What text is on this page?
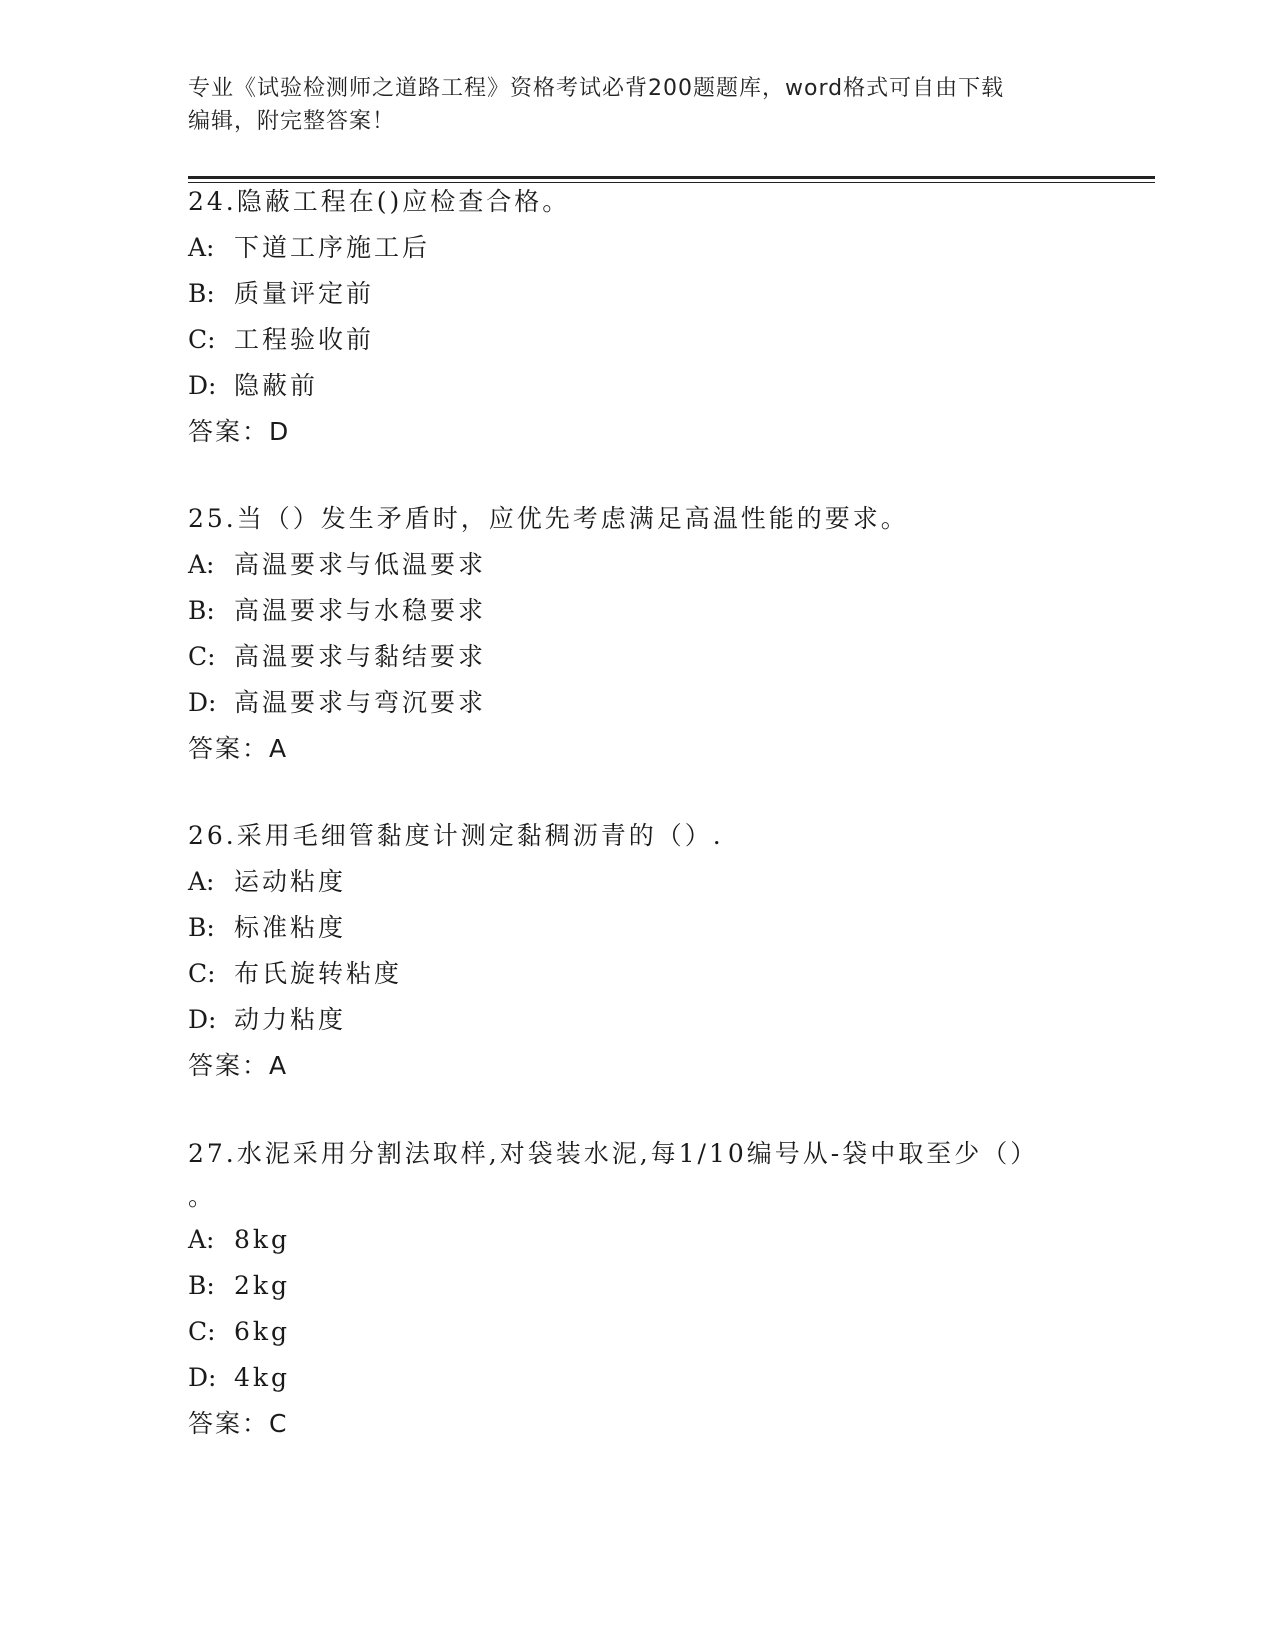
专业《试验检测师之道路工程》资格考试必背200题题库，word格式可自由下载
编辑，附完整答案！
24.隐蔽工程在()应检查合格。
A: 下道工序施工后
B: 质量评定前
C: 工程验收前
D: 隐蔽前
答案：D
25.当（）发生矛盾时，应优先考虑满足高温性能的要求。
A: 高温要求与低温要求
B: 高温要求与水稳要求
C: 高温要求与黏结要求
D: 高温要求与弯沉要求
答案：A
26.采用毛细管黏度计测定黏稠沥青的（）.
A: 运动粘度
B: 标准粘度
C: 布氏旋转粘度
D: 动力粘度
答案：A
27.水泥采用分割法取样,对袋装水泥,每1/10编号从-袋中取至少（）
。
A: 8kg
B: 2kg
C: 6kg
D: 4kg
答案：C
